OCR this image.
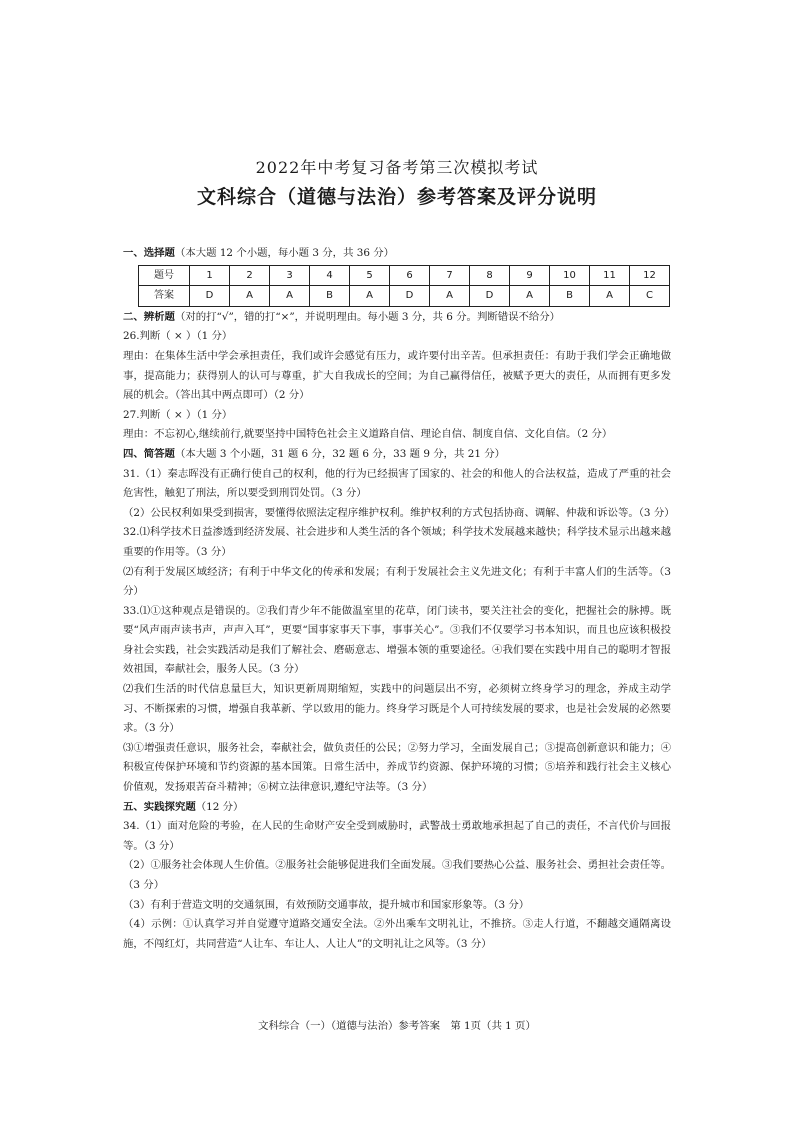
2022年中考复习备考第三次模拟考试
文科综合（道德与法治）参考答案及评分说明

一、选择题（本大题 12 个小题，每小题 3 分，共 36 分）

题号	1	2	3	4	5	6	7	8	9	10	11	12
答案	D	A	A	B	A	D	A	D	A	B	A	C

二、辨析题（对的打“√”，错的打“×”，并说明理由。每小题 3 分，共 6 分。判断错误不给分）

26.判断（ × ）（1 分）

理由：在集体生活中学会承担责任，我们或许会感觉有压力，或许要付出辛苦。但承担责任：有助于我们学会正确地做事，提高能力；获得别人的认可与尊重，扩大自我成长的空间；为自己赢得信任，被赋予更大的责任，从而拥有更多发展的机会。（答出其中两点即可）（2 分）

27.判断（ × ）（1 分）

理由：不忘初心,继续前行,就要坚持中国特色社会主义道路自信、理论自信、制度自信、文化自信。（2 分）

四、简答题（本大题 3 个小题，31 题 6 分，32 题 6 分，33 题 9 分，共 21 分）

31.（1）秦志晖没有正确行使自己的权利，他的行为已经损害了国家的、社会的和他人的合法权益，造成了严重的社会危害性，触犯了刑法，所以要受到刑罚处罚。（3 分）

（2）公民权利如果受到损害，要懂得依照法定程序维护权利。维护权利的方式包括协商、调解、仲裁和诉讼等。（3 分）

32.⑴科学技术日益渗透到经济发展、社会进步和人类生活的各个领域；科学技术发展越来越快；科学技术显示出越来越重要的作用等。（3 分）

⑵有利于发展区域经济；有利于中华文化的传承和发展；有利于发展社会主义先进文化；有利于丰富人们的生活等。（3 分）

33.⑴①这种观点是错误的。②我们青少年不能做温室里的花草，闭门读书，要关注社会的变化，把握社会的脉搏。既要“风声雨声读书声，声声入耳”，更要“国事家事天下事，事事关心”。③我们不仅要学习书本知识，而且也应该积极投身社会实践，社会实践活动是我们了解社会、磨砺意志、增强本领的重要途径。④我们要在实践中用自己的聪明才智报效祖国，奉献社会，服务人民。（3 分）

⑵我们生活的时代信息量巨大，知识更新周期缩短，实践中的问题层出不穷，必须树立终身学习的理念，养成主动学习、不断探索的习惯，增强自我革新、学以致用的能力。终身学习既是个人可持续发展的要求，也是社会发展的必然要求。（3 分）

⑶①增强责任意识，服务社会，奉献社会，做负责任的公民；②努力学习，全面发展自己；③提高创新意识和能力；④积极宣传保护环境和节约资源的基本国策。日常生活中，养成节约资源、保护环境的习惯；⑤培养和践行社会主义核心价值观，发扬艰苦奋斗精神；⑥树立法律意识,遵纪守法等。（3 分）

五、实践探究题（12 分）

34.（1）面对危险的考验，在人民的生命财产安全受到威胁时，武警战士勇敢地承担起了自己的责任，不言代价与回报等。（3 分）

（2）①服务社会体现人生价值。②服务社会能够促进我们全面发展。③我们要热心公益、服务社会、勇担社会责任等。（3 分）

（3）有利于营造文明的交通氛围，有效预防交通事故，提升城市和国家形象等。（3 分）

（4）示例：①认真学习并自觉遵守道路交通安全法。②外出乘车文明礼让，不推挤。③走人行道，不翻越交通隔离设施，不闯红灯，共同营造“人让车、车让人、人让人”的文明礼让之风等。（3 分）

文科综合（一）（道德与法治）参考答案　第 1页（共 1 页）
